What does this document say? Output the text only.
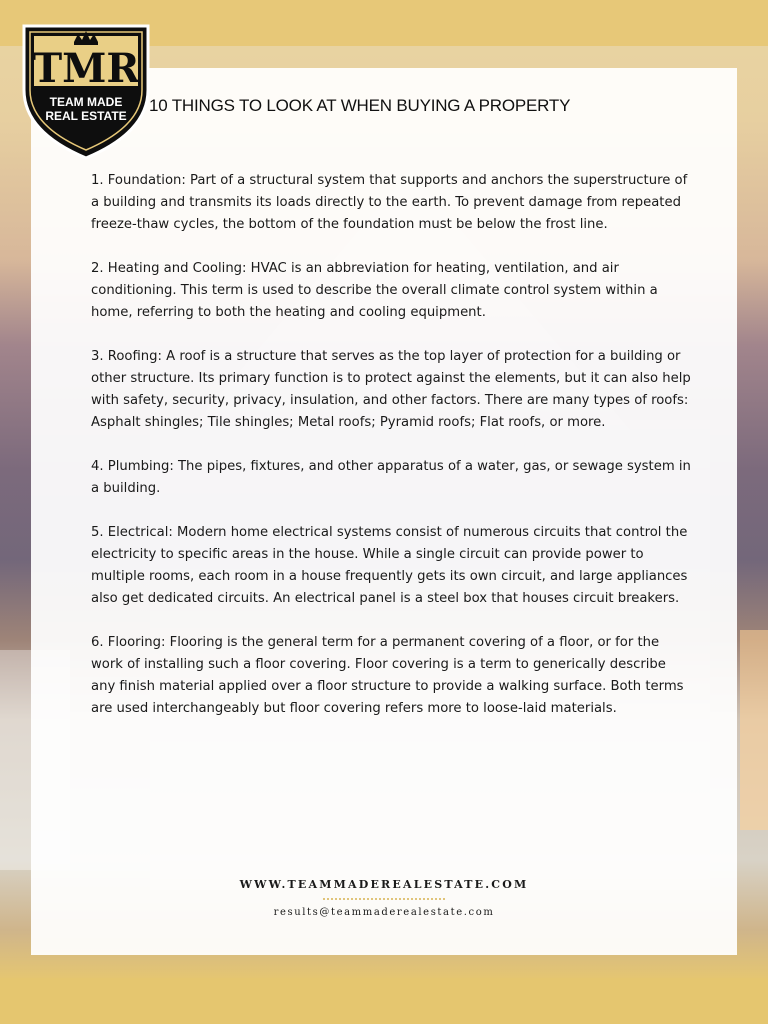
TMR
TEAM MADE
REAL ESTATE
10 THINGS TO LOOK AT WHEN BUYING A PROPERTY

1. Foundation: Part of a structural system that supports and anchors the superstructure of a building and transmits its loads directly to the earth. To prevent damage from repeated freeze-thaw cycles, the bottom of the foundation must be below the frost line.

2. Heating and Cooling: HVAC is an abbreviation for heating, ventilation, and air conditioning. This term is used to describe the overall climate control system within a home, referring to both the heating and cooling equipment.

3. Roofing: A roof is a structure that serves as the top layer of protection for a building or other structure. Its primary function is to protect against the elements, but it can also help with safety, security, privacy, insulation, and other factors. There are many types of roofs: Asphalt shingles; Tile shingles; Metal roofs; Pyramid roofs; Flat roofs, or more.

4. Plumbing: The pipes, fixtures, and other apparatus of a water, gas, or sewage system in a building.

5. Electrical: Modern home electrical systems consist of numerous circuits that control the electricity to specific areas in the house. While a single circuit can provide power to multiple rooms, each room in a house frequently gets its own circuit, and large appliances also get dedicated circuits. An electrical panel is a steel box that houses circuit breakers.

6. Flooring: Flooring is the general term for a permanent covering of a floor, or for the work of installing such a floor covering. Floor covering is a term to generically describe any finish material applied over a floor structure to provide a walking surface. Both terms are used interchangeably but floor covering refers more to loose-laid materials.

WWW.TEAMMADEREALESTATE.COM
results@teammaderealestate.com
